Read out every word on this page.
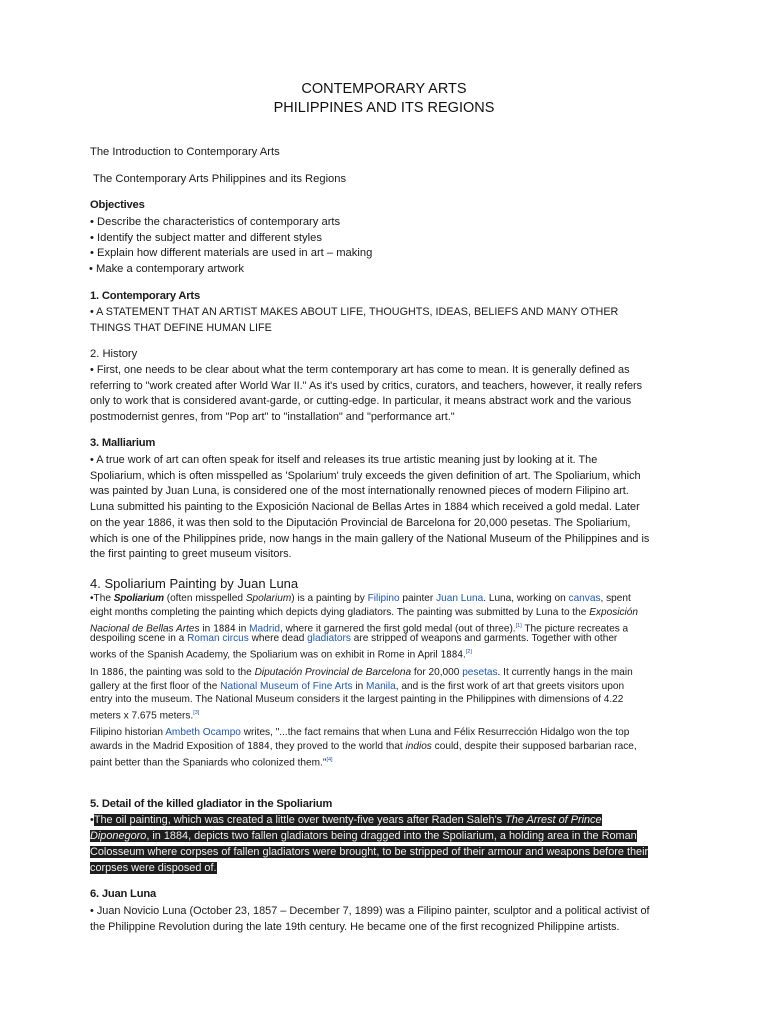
CONTEMPORARY ARTS
PHILIPPINES AND ITS REGIONS
The Introduction to Contemporary Arts
The Contemporary Arts Philippines and its Regions
Objectives
• Describe the characteristics of contemporary arts
• Identify the subject matter and different styles
• Explain how different materials are used in art – making
• Make a contemporary artwork
1. Contemporary Arts
• A STATEMENT THAT AN ARTIST MAKES ABOUT LIFE, THOUGHTS, IDEAS, BELIEFS AND MANY OTHER
THINGS THAT DEFINE HUMAN LIFE
2. History
• First, one needs to be clear about what the term contemporary art has come to mean. It is generally defined as
referring to "work created after World War II." As it's used by critics, curators, and teachers, however, it really refers
only to work that is considered avant-garde, or cutting-edge. In particular, it means abstract work and the various
postmodernist genres, from "Pop art" to "installation" and "performance art."
3. Malliarium
• A true work of art can often speak for itself and releases its true artistic meaning just by looking at it. The
Spoliarium, which is often misspelled as 'Spolarium' truly exceeds the given definition of art. The Spoliarium, which
was painted by Juan Luna, is considered one of the most internationally renowned pieces of modern Filipino art.
Luna submitted his painting to the Exposición Nacional de Bellas Artes in 1884 which received a gold medal. Later
on the year 1886, it was then sold to the Diputación Provincial de Barcelona for 20,000 pesetas. The Spoliarium,
which is one of the Philippines pride, now hangs in the main gallery of the National Museum of the Philippines and is
the first painting to greet museum visitors.
4. Spoliarium Painting by Juan Luna
•The Spoliarium (often misspelled Spolarium) is a painting by Filipino painter Juan Luna. Luna, working on canvas, spent
eight months completing the painting which depicts dying gladiators. The painting was submitted by Luna to the Exposición
Nacional de Bellas Artes in 1884 in Madrid, where it garnered the first gold medal (out of three).[1] The picture recreates a
despoiling scene in a Roman circus where dead gladiators are stripped of weapons and garments. Together with other
works of the Spanish Academy, the Spoliarium was on exhibit in Rome in April 1884.[2]
In 1886, the painting was sold to the Diputación Provincial de Barcelona for 20,000 pesetas. It currently hangs in the main
gallery at the first floor of the National Museum of Fine Arts in Manila, and is the first work of art that greets visitors upon
entry into the museum. The National Museum considers it the largest painting in the Philippines with dimensions of 4.22
meters x 7.675 meters.[3]
Filipino historian Ambeth Ocampo writes, "...the fact remains that when Luna and Félix Resurrección Hidalgo won the top
awards in the Madrid Exposition of 1884, they proved to the world that indios could, despite their supposed barbarian race,
paint better than the Spaniards who colonized them."[4]
5. Detail of the killed gladiator in the Spoliarium
•The oil painting, which was created a little over twenty-five years after Raden Saleh's The Arrest of Prince
Diponegoro, in 1884, depicts two fallen gladiators being dragged into the Spoliarium, a holding area in the Roman
Colosseum where corpses of fallen gladiators were brought, to be stripped of their armour and weapons before their
corpses were disposed of.
6. Juan Luna
• Juan Novicio Luna (October 23, 1857 – December 7, 1899) was a Filipino painter, sculptor and a political activist of
the Philippine Revolution during the late 19th century. He became one of the first recognized Philippine artists.
